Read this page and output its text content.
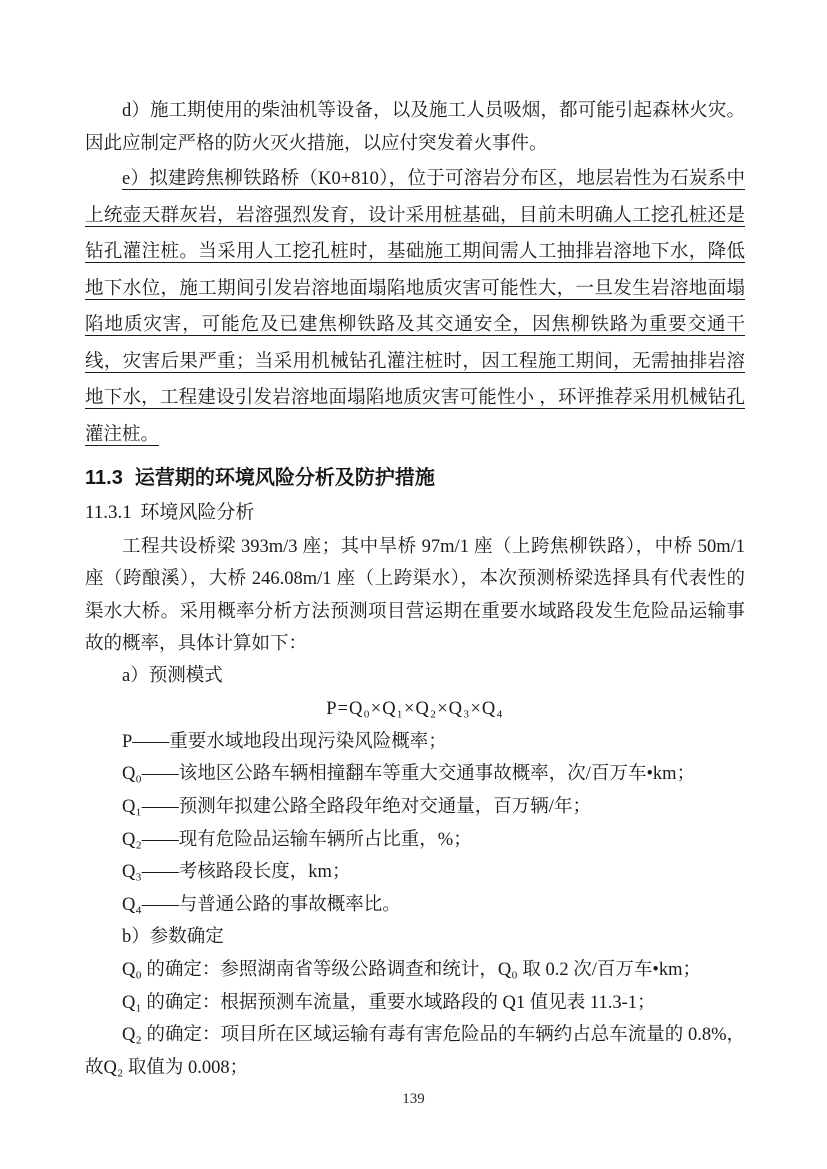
d）施工期使用的柴油机等设备，以及施工人员吸烟，都可能引起森林火灾。因此应制定严格的防火灭火措施，以应付突发着火事件。

e）拟建跨焦柳铁路桥（K0+810），位于可溶岩分布区，地层岩性为石炭系中上统壶天群灰岩，岩溶强烈发育，设计采用桩基础，目前未明确人工挖孔桩还是钻孔灌注桩。当采用人工挖孔桩时，基础施工期间需人工抽排岩溶地下水，降低地下水位，施工期间引发岩溶地面塌陷地质灾害可能性大，一旦发生岩溶地面塌陷地质灾害，可能危及已建焦柳铁路及其交通安全，因焦柳铁路为重要交通干线，灾害后果严重；当采用机械钻孔灌注桩时，因工程施工期间，无需抽排岩溶地下水，工程建设引发岩溶地面塌陷地质灾害可能性小 ，环评推荐采用机械钻孔灌注桩。

11.3 运营期的环境风险分析及防护措施
11.3.1 环境风险分析

工程共设桥梁 393m/3 座；其中旱桥 97m/1 座（上跨焦柳铁路），中桥 50m/1 座（跨酿溪），大桥 246.08m/1 座（上跨渠水），本次预测桥梁选择具有代表性的渠水大桥。采用概率分析方法预测项目营运期在重要水域路段发生危险品运输事故的概率，具体计算如下：

a）预测模式
P=Q₀×Q₁×Q₂×Q₃×Q₄
P——重要水域地段出现污染风险概率；
Q₀——该地区公路车辆相撞翻车等重大交通事故概率，次/百万车•km；
Q₁——预测年拟建公路全路段年绝对交通量，百万辆/年；
Q₂——现有危险品运输车辆所占比重，%；
Q₃——考核路段长度，km；
Q₄——与普通公路的事故概率比。
b）参数确定

Q₀ 的确定：参照湖南省等级公路调查和统计，Q₀ 取 0.2 次/百万车•km；

Q₁ 的确定：根据预测车流量，重要水域路段的 Q1 值见表 11.3-1；

Q₂ 的确定：项目所在区域运输有毒有害危险品的车辆约占总车流量的 0.8%，故Q₂ 取值为 0.008；

139
